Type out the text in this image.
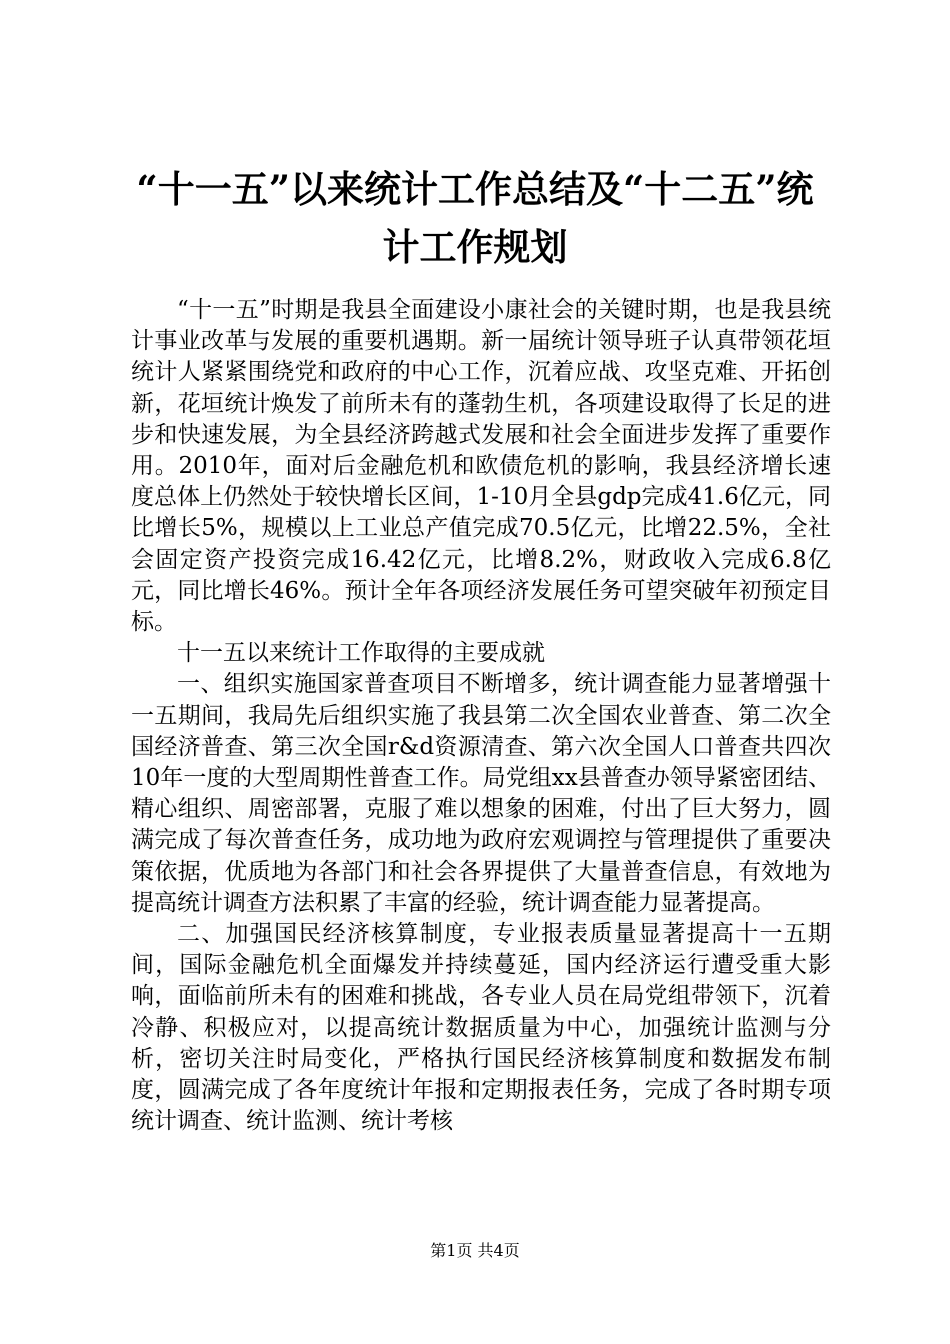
“十一五”以来统计工作总结及“十二五”统
计工作规划

“十一五”时期是我县全面建设小康社会的关键时期，也是我县统计事业改革与发展的重要机遇期。新一届统计领导班子认真带领花垣统计人紧紧围绕党和政府的中心工作，沉着应战、攻坚克难、开拓创新，花垣统计焕发了前所未有的蓬勃生机，各项建设取得了长足的进步和快速发展，为全县经济跨越式发展和社会全面进步发挥了重要作用。2010年，面对后金融危机和欧债危机的影响，我县经济增长速度总体上仍然处于较快增长区间，1-10月全县gdp完成41.6亿元，同比增长5%，规模以上工业总产值完成70.5亿元，比增22.5%，全社会固定资产投资完成16.42亿元，比增8.2%，财政收入完成6.8亿元，同比增长46%。预计全年各项经济发展任务可望突破年初预定目标。

十一五以来统计工作取得的主要成就

一、组织实施国家普查项目不断增多，统计调查能力显著增强十一五期间，我局先后组织实施了我县第二次全国农业普查、第二次全国经济普查、第三次全国r&d资源清查、第六次全国人口普查共四次10年一度的大型周期性普查工作。局党组xx县普查办领导紧密团结、精心组织、周密部署，克服了难以想象的困难，付出了巨大努力，圆满完成了每次普查任务，成功地为政府宏观调控与管理提供了重要决策依据，优质地为各部门和社会各界提供了大量普查信息，有效地为提高统计调查方法积累了丰富的经验，统计调查能力显著提高。

二、加强国民经济核算制度，专业报表质量显著提高十一五期间，国际金融危机全面爆发并持续蔓延，国内经济运行遭受重大影响，面临前所未有的困难和挑战，各专业人员在局党组带领下，沉着冷静、积极应对，以提高统计数据质量为中心，加强统计监测与分析，密切关注时局变化，严格执行国民经济核算制度和数据发布制度，圆满完成了各年度统计年报和定期报表任务，完成了各时期专项统计调查、统计监测、统计考核

第1页 共4页
